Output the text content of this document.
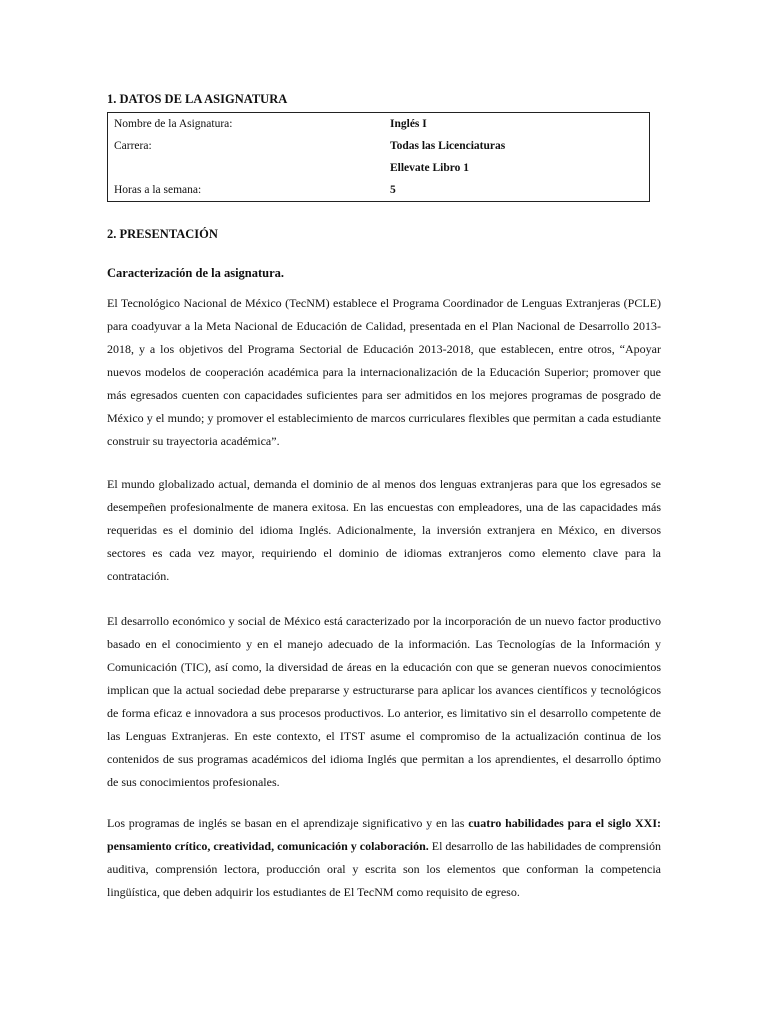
1. DATOS DE LA ASIGNATURA
Nombre de la Asignatura:	Inglés I
Carrera:	Todas las Licenciaturas
	Ellevate Libro 1
Horas a la semana:	5
2. PRESENTACIÓN
Caracterización de la asignatura.

El Tecnológico Nacional de México (TecNM) establece el Programa Coordinador de Lenguas Extranjeras (PCLE) para coadyuvar a la Meta Nacional de Educación de Calidad, presentada en el Plan Nacional de Desarrollo 2013-2018, y a los objetivos del Programa Sectorial de Educación 2013-2018, que establecen, entre otros, “Apoyar nuevos modelos de cooperación académica para la internacionalización de la Educación Superior; promover que más egresados cuenten con capacidades suficientes para ser admitidos en los mejores programas de posgrado de México y el mundo; y promover el establecimiento de marcos curriculares flexibles que permitan a cada estudiante construir su trayectoria académica”.

El mundo globalizado actual, demanda el dominio de al menos dos lenguas extranjeras para que los egresados se desempeñen profesionalmente de manera exitosa. En las encuestas con empleadores, una de las capacidades más requeridas es el dominio del idioma Inglés. Adicionalmente, la inversión extranjera en México, en diversos sectores es cada vez mayor, requiriendo el dominio de idiomas extranjeros como elemento clave para la contratación.

El desarrollo económico y social de México está caracterizado por la incorporación de un nuevo factor productivo basado en el conocimiento y en el manejo adecuado de la información. Las Tecnologías de la Información y Comunicación (TIC), así como, la diversidad de áreas en la educación con que se generan nuevos conocimientos implican que la actual sociedad debe prepararse y estructurarse para aplicar los avances científicos y tecnológicos de forma eficaz e innovadora a sus procesos productivos. Lo anterior, es limitativo sin el desarrollo competente de las Lenguas Extranjeras. En este contexto, el ITST asume el compromiso de la actualización continua de los contenidos de sus programas académicos del idioma Inglés que permitan a los aprendientes, el desarrollo óptimo de sus conocimientos profesionales.

Los programas de inglés se basan en el aprendizaje significativo y en las cuatro habilidades para el siglo XXI: pensamiento crítico, creatividad, comunicación y colaboración. El desarrollo de las habilidades de comprensión auditiva, comprensión lectora, producción oral y escrita son los elementos que conforman la competencia lingüística, que deben adquirir los estudiantes de El TecNM como requisito de egreso.
